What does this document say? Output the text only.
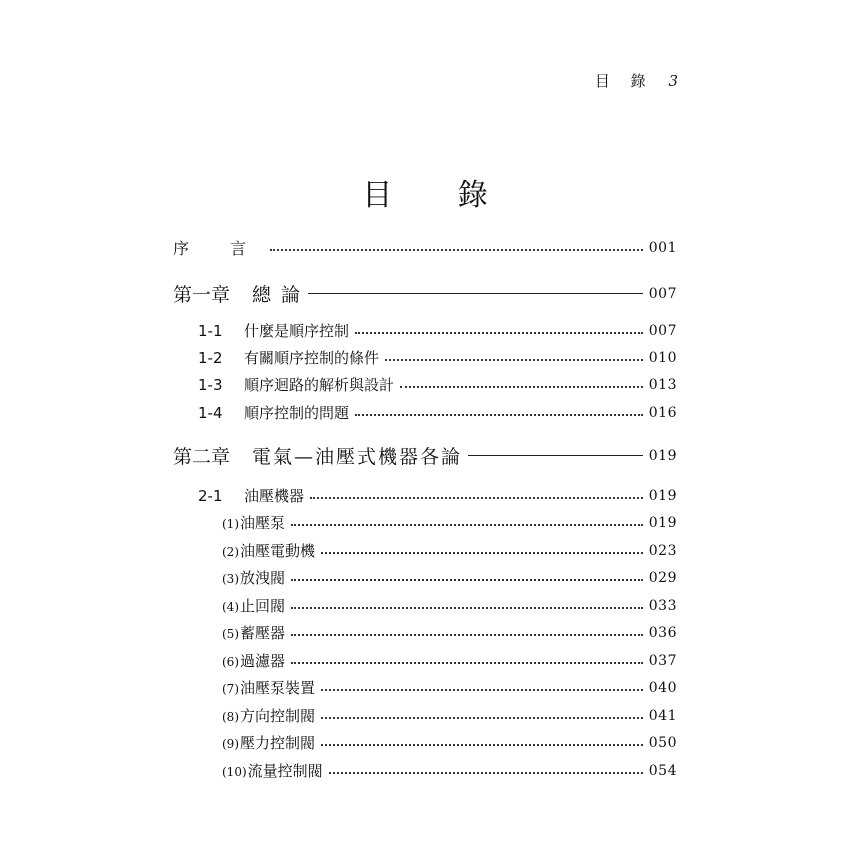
目 錄 3
目 錄
序 言	001
第一章 總 論	007
1-1 什麼是順序控制	007
1-2 有關順序控制的條件	010
1-3 順序迴路的解析與設計	013
1-4 順序控制的問題	016
第二章 電氣—油壓式機器各論	019
2-1 油壓機器	019
(1)油壓泵	019
(2)油壓電動機	023
(3)放洩閥	029
(4)止回閥	033
(5)蓄壓器	036
(6)過濾器	037
(7)油壓泵裝置	040
(8)方向控制閥	041
(9)壓力控制閥	050
(10)流量控制閥	054
